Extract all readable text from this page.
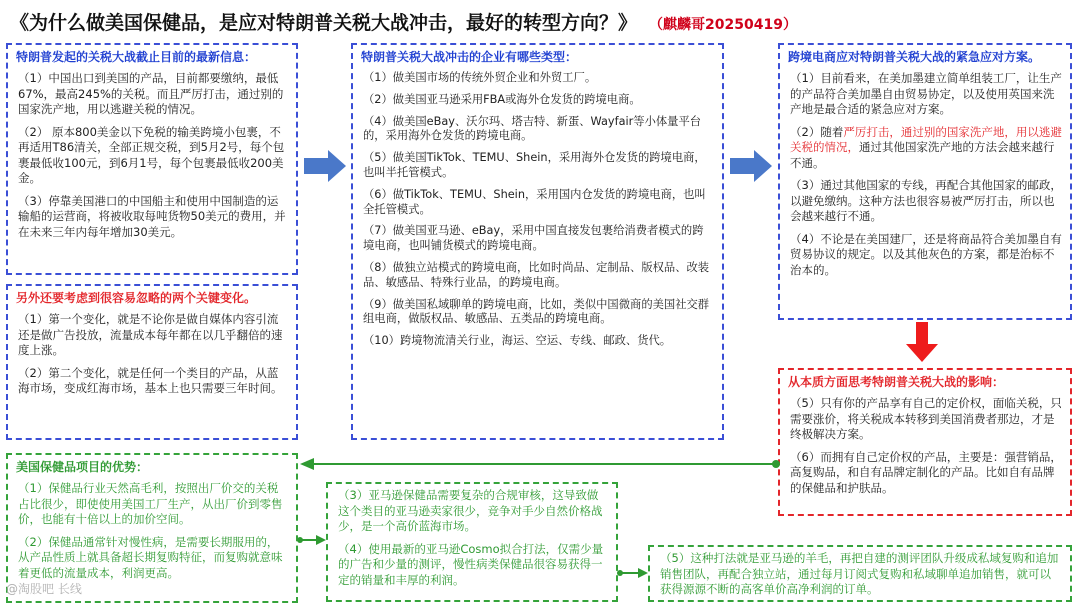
《为什么做美国保健品，是应对特朗普关税大战冲击，最好的转型方向？》 （麒麟哥20250419）
特朗普发起的关税大战截止目前的最新信息：

（1）中国出口到美国的产品，目前都要缴纳，最低67%，最高245%的关税。而且严厉打击，通过别的国家洗产地，用以逃避关税的情况。

（2） 原本800美金以下免税的输美跨境小包裹，不再适用T86清关，全部正规交税，到5月2号，每个包裹最低收100元，到6月1号，每个包裹最低收200美金。

（3）停靠美国港口的中国船主和使用中国制造的运输船的运营商，将被收取每吨货物50美元的费用，并在未来三年内每年增加30美元。

另外还要考虑到很容易忽略的两个关键变化。

（1）第一个变化，就是不论你是做自媒体内容引流还是做广告投放，流量成本每年都在以几乎翻倍的速度上涨。

（2）第二个变化，就是任何一个类目的产品，从蓝海市场，变成红海市场，基本上也只需要三年时间。

特朗普关税大战冲击的企业有哪些类型：

（1）做美国市场的传统外贸企业和外贸工厂。

（2）做美国亚马逊采用FBA或海外仓发货的跨境电商。

（4）做美国eBay、沃尔玛、塔吉特、新蛋、Wayfair等小体量平台的，采用海外仓发货的跨境电商。

（5）做美国TikTok、TEMU、Shein，采用海外仓发货的跨境电商，也叫半托管模式。

（6）做TikTok、TEMU、Shein，采用国内仓发货的跨境电商，也叫全托管模式。

（7）做美国亚马逊、eBay，采用中国直接发包裹给消费者模式的跨境电商，也叫铺货模式的跨境电商。

（8）做独立站模式的跨境电商，比如时尚品、定制品、版权品、改装品、敏感品、特殊行业品，的跨境电商。

（9）做美国私域聊单的跨境电商，比如，类似中国微商的美国社交群组电商，做版权品、敏感品、五类品的跨境电商。

（10）跨境物流清关行业，海运、空运、专线、邮政、货代。

跨境电商应对特朗普关税大战的紧急应对方案。

（1）目前看来，在美加墨建立简单组装工厂，让生产的产品符合美加墨自由贸易协定，以及使用英国来洗产地是最合适的紧急应对方案。

（2）随着严厉打击，通过别的国家洗产地，用以逃避关税的情况，通过其他国家洗产地的方法会越来越行不通。

（3）通过其他国家的专线，再配合其他国家的邮政，以避免缴纳。这种方法也很容易被严厉打击，所以也会越来越行不通。

（4）不论是在美国建厂，还是将商品符合美加墨自有贸易协议的规定。以及其他灰色的方案，都是治标不治本的。

从本质方面思考特朗普关税大战的影响：

（5）只有你的产品享有自己的定价权，面临关税，只需要涨价，将关税成本转移到美国消费者那边，才是终极解决方案。

（6）而拥有自己定价权的产品，主要是：强营销品，高复购品，和自有品牌定制化的产品。比如自有品牌的保健品和护肤品。

美国保健品项目的优势：

（1）保健品行业天然高毛利，按照出厂价交的关税占比很少，即使使用美国工厂生产，从出厂价到零售价，也能有十倍以上的加价空间。

（2）保健品通常针对慢性病，是需要长期服用的，从产品性质上就具备超长期复购特征，而复购就意味着更低的流量成本，利润更高。

（3）亚马逊保健品需要复杂的合规审核，这导致做这个类目的亚马逊卖家很少，竞争对手少自然价格战少，是一个高价蓝海市场。

（4）使用最新的亚马逊Cosmo拟合打法，仅需少量的广告和少量的测评，慢性病类保健品很容易获得一定的销量和丰厚的利润。

（5）这种打法就是亚马逊的羊毛，再把自建的测评团队升级成私域复购和追加销售团队，再配合独立站，通过每月订阅式复购和私域聊单追加销售，就可以获得源源不断的高客单价高净利润的订单。

@淘股吧 长线
